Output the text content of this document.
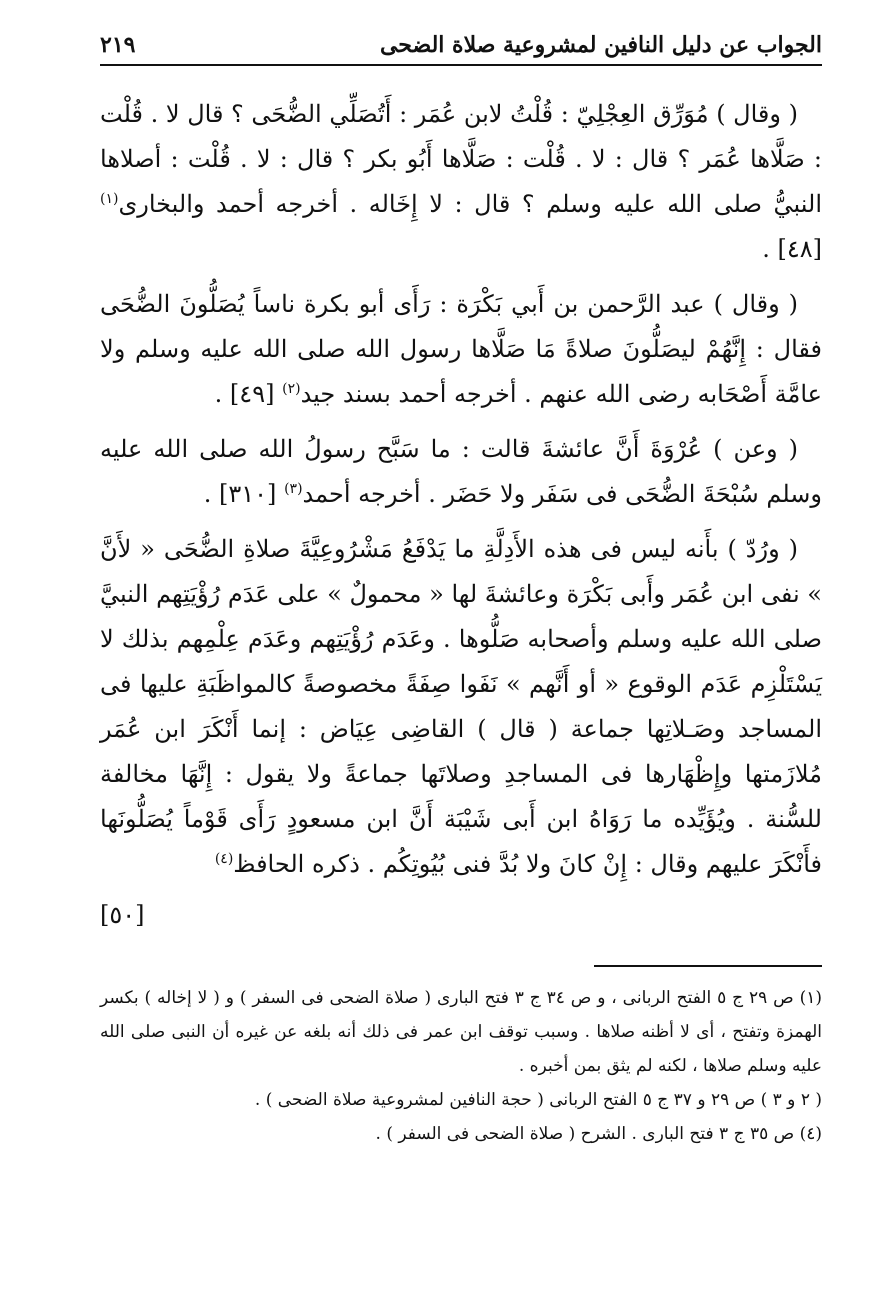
الجواب عن دليل النافين لمشروعية صلاة الضحى
٢١٩

( وقال ) مُوَرِّق العِجْلِيّ : قُلْتُ لابن عُمَر : أَتُصَلِّي الضُّحَى ؟ قال لا . قُلْت : صَلَّاها عُمَر ؟ قال : لا . قُلْت : صَلَّاها أَبُو بكر ؟ قال : لا . قُلْت : أصلاها النبيُّ صلى الله عليه وسلم ؟ قال : لا إِخَاله . أخرجه أحمد والبخارى$^{(١)}$ [٤٨] .

( وقال ) عبد الرَّحمن بن أَبي بَكْرَة : رَأَى أبو بكرة ناساً يُصَلُّونَ الضُّحَى فقال : إِنَّهُمْ ليصَلُّونَ صلاةً مَا صَلَّاها رسول الله صلى الله عليه وسلم ولا عامَّة أَصْحَابه رضى الله عنهم . أخرجه أحمد بسند جيد$^{(٢)}$ [٤٩] .

( وعن ) عُرْوَةَ أَنَّ عائشةَ قالت : ما سَبَّح رسولُ الله صلى الله عليه وسلم سُبْحَةَ الضُّحَى فى سَفَر ولا حَضَر . أخرجه أحمد$^{(٣)}$ [٣١٠] .

( ورُدّ ) بأَنه ليس فى هذه الأَدِلَّةِ ما يَدْفَعُ مَشْرُوعِيَّةَ صلاةِ الضُّحَى « لأَنَّ » نفى ابن عُمَر وأَبى بَكْرَة وعائشةَ لها « محمولٌ » على عَدَم رُؤْيَتِهم النبيَّ صلى الله عليه وسلم وأصحابه صَلُّوها . وعَدَم رُؤْيَتِهم وعَدَم عِلْمِهم بذلك لا يَسْتَلْزِم عَدَم الوقوع « أو أَنَّهم » نَفَوا صِفَةً مخصوصةً كالمواظَبَةِ عليها فى المساجد وصَـلاتِها جماعة ( قال ) القاضِى عِيَاض : إنما أَنْكَرَ ابن عُمَر مُلازَمتها وإِظْهَارها فى المساجدِ وصلاتَها جماعةً ولا يقول : إِنَّهَا مخالفة للسُّنة . ويُؤَيِّده ما رَوَاهُ ابن أَبى شَيْبَة أَنَّ ابن مسعودٍ رَأَى قَوْماً يُصَلُّونَها فأَنْكَرَ عليهم وقال : إِنْ كانَ ولا بُدَّ فنى بُيُوتِكُم . ذكره الحافظ$^{(٤)}$

[٥٠]

(١) ص ٢٩ ج ٥ الفتح الربانى ، و ص ٣٤ ج ٣ فتح البارى ( صلاة الضحى فى السفر ) و ( لا إخاله ) بكسر الهمزة وتفتح ، أى لا أظنه صلاها . وسبب توقف ابن عمر فى ذلك أنه بلغه عن غيره أن النبى صلى الله عليه وسلم صلاها ، لكنه لم يثق بمن أخبره .

( ٢ و ٣ ) ص ٢٩ و ٣٧ ج ٥ الفتح الربانى ( حجة النافين لمشروعية صلاة الضحى ) .

(٤) ص ٣٥ ج ٣ فتح البارى . الشرح ( صلاة الضحى فى السفر ) .
